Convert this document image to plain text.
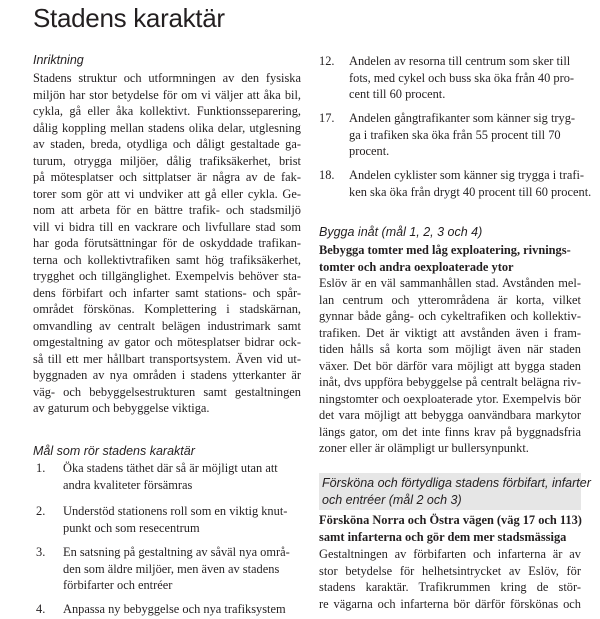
Stadens karaktär
Inriktning
Stadens struktur och utformningen av den fysiska
miljön har stor betydelse för om vi väljer att åka bil,
cykla, gå eller åka kollektivt. Funktionsseparering,
dålig koppling mellan stadens olika delar, utglesning
av staden, breda, otydliga och dåligt gestaltade ga-
turum, otrygga miljöer, dålig trafiksäkerhet, brist
på mötesplatser och sittplatser är några av de fak-
torer som gör att vi undviker att gå eller cykla. Ge-
nom att arbeta för en bättre trafik- och stadsmiljö
vill vi bidra till en vackrare och livfullare stad som
har goda förutsättningar för de oskyddade trafikan-
terna och kollektivtrafiken samt hög trafiksäkerhet,
trygghet och tillgänglighet. Exempelvis behöver sta-
dens förbifart och infarter samt stations- och spår-
området förskönas. Komplettering i stadskärnan,
omvandling av centralt belägen industrimark samt
omgestaltning av gator och mötesplatser bidrar ock-
så till ett mer hållbart transportsystem. Även vid ut-
byggnaden av nya områden i stadens ytterkanter är
väg- och bebyggelsestrukturen samt gestaltningen
av gaturum och bebyggelse viktiga.
Mål som rör stadens karaktär
1. Öka stadens täthet där så är möjligt utan att
andra kvaliteter försämras
2. Understöd stationens roll som en viktig knut-
punkt och som resecentrum
3. En satsning på gestaltning av såväl nya områ-
den som äldre miljöer, men även av stadens
förbifarter och entréer
4. Anpassa ny bebyggelse och nya trafiksystem
12. Andelen av resorna till centrum som sker till
fots, med cykel och buss ska öka från 40 pro-
cent till 60 procent.
17. Andelen gångtrafikanter som känner sig tryg-
ga i trafiken ska öka från 55 procent till 70
procent.
18. Andelen cyklister som känner sig trygga i trafi-
ken ska öka från drygt 40 procent till 60 procent.
Bygga inåt (mål 1, 2, 3 och 4)
Bebygga tomter med låg exploatering, rivnings-
tomter och andra oexploaterade ytor
Eslöv är en väl sammanhållen stad. Avstånden mel-
lan centrum och ytterområdena är korta, vilket
gynnar både gång- och cykeltrafiken och kollektiv-
trafiken. Det är viktigt att avstånden även i fram-
tiden hålls så korta som möjligt även när staden
växer. Det bör därför vara möjligt att bygga staden
inåt, dvs uppföra bebyggelse på centralt belägna riv-
ningstomter och oexploaterade ytor. Exempelvis bör
det vara möjligt att bebygga oanvändbara markytor
längs gator, om det inte finns krav på byggnadsfria
zoner eller är olämpligt ur bullersynpunkt.
Försköna och förtydliga stadens förbifart, infarter
och entréer (mål 2 och 3)
Försköna Norra och Östra vägen (väg 17 och 113)
samt infarterna och gör dem mer stadsmässiga
Gestaltningen av förbifarten och infarterna är av
stor betydelse för helhetsintrycket av Eslöv, för
stadens karaktär. Trafikrummen kring de stör-
re vägarna och infarterna bör därför förskönas och
